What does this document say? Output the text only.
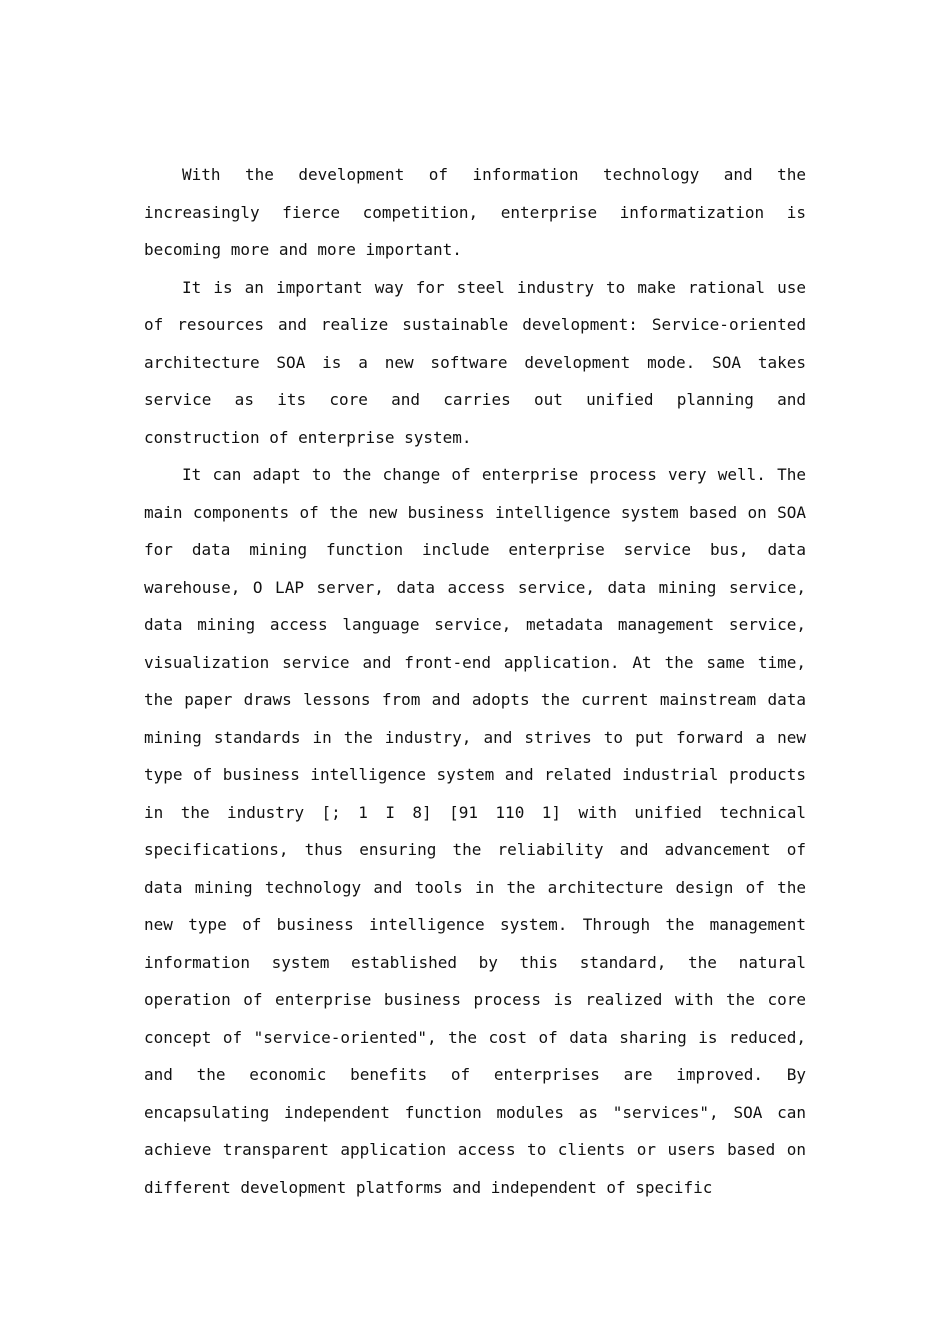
With the development of information technology and the increasingly fierce competition, enterprise informatization is becoming more and more important.

It is an important way for steel industry to make rational use of resources and realize sustainable development: Service-oriented architecture SOA is a new software development mode. SOA takes service as its core and carries out unified planning and construction of enterprise system.

It can adapt to the change of enterprise process very well. The main components of the new business intelligence system based on SOA for data mining function include enterprise service bus, data warehouse, O LAP server, data access service, data mining service, data mining access language service, metadata management service, visualization service and front-end application. At the same time, the paper draws lessons from and adopts the current mainstream data mining standards in the industry, and strives to put forward a new type of business intelligence system and related industrial products in the industry [; 1 I 8] [91 110 1] with unified technical specifications, thus ensuring the reliability and advancement of data mining technology and tools in the architecture design of the new type of business intelligence system. Through the management information system established by this standard, the natural operation of enterprise business process is realized with the core concept of "service-oriented", the cost of data sharing is reduced, and the economic benefits of enterprises are improved. By encapsulating independent function modules as "services", SOA can achieve transparent application access to clients or users based on different development platforms and independent of specific
